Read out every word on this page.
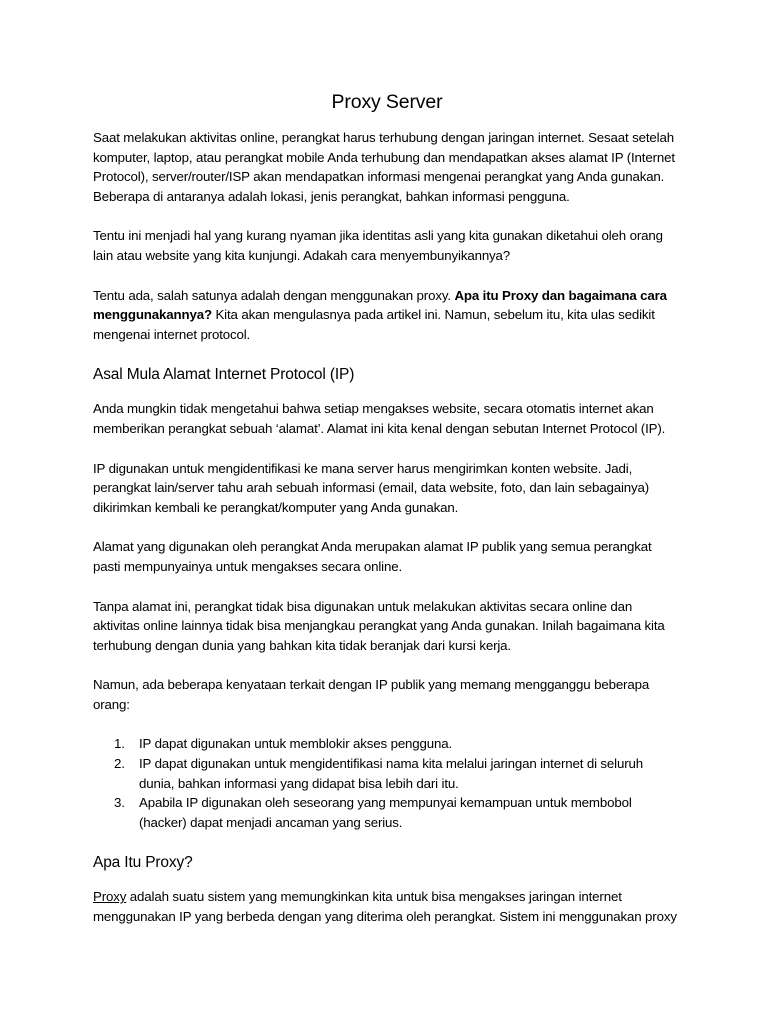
Proxy Server

Saat melakukan aktivitas online, perangkat harus terhubung dengan jaringan internet. Sesaat setelah komputer, laptop, atau perangkat mobile Anda terhubung dan mendapatkan akses alamat IP (Internet Protocol), server/router/ISP akan mendapatkan informasi mengenai perangkat yang Anda gunakan. Beberapa di antaranya adalah lokasi, jenis perangkat, bahkan informasi pengguna.

Tentu ini menjadi hal yang kurang nyaman jika identitas asli yang kita gunakan diketahui oleh orang lain atau website yang kita kunjungi. Adakah cara menyembunyikannya?

Tentu ada, salah satunya adalah dengan menggunakan proxy. Apa itu Proxy dan bagaimana cara menggunakannya? Kita akan mengulasnya pada artikel ini. Namun, sebelum itu, kita ulas sedikit mengenai internet protocol.

Asal Mula Alamat Internet Protocol (IP)

Anda mungkin tidak mengetahui bahwa setiap mengakses website, secara otomatis internet akan memberikan perangkat sebuah ‘alamat’. Alamat ini kita kenal dengan sebutan Internet Protocol (IP).

IP digunakan untuk mengidentifikasi ke mana server harus mengirimkan konten website. Jadi, perangkat lain/server tahu arah sebuah informasi (email, data website, foto, dan lain sebagainya) dikirimkan kembali ke perangkat/komputer yang Anda gunakan.

Alamat yang digunakan oleh perangkat Anda merupakan alamat IP publik yang semua perangkat pasti mempunyainya untuk mengakses secara online.

Tanpa alamat ini, perangkat tidak bisa digunakan untuk melakukan aktivitas secara online dan aktivitas online lainnya tidak bisa menjangkau perangkat yang Anda gunakan. Inilah bagaimana kita terhubung dengan dunia yang bahkan kita tidak beranjak dari kursi kerja.

Namun, ada beberapa kenyataan terkait dengan IP publik yang memang mengganggu beberapa orang:

1. IP dapat digunakan untuk memblokir akses pengguna.
2. IP dapat digunakan untuk mengidentifikasi nama kita melalui jaringan internet di seluruh dunia, bahkan informasi yang didapat bisa lebih dari itu.
3. Apabila IP digunakan oleh seseorang yang mempunyai kemampuan untuk membobol (hacker) dapat menjadi ancaman yang serius.
Apa Itu Proxy?

Proxy adalah suatu sistem yang memungkinkan kita untuk bisa mengakses jaringan internet menggunakan IP yang berbeda dengan yang diterima oleh perangkat. Sistem ini menggunakan proxy
